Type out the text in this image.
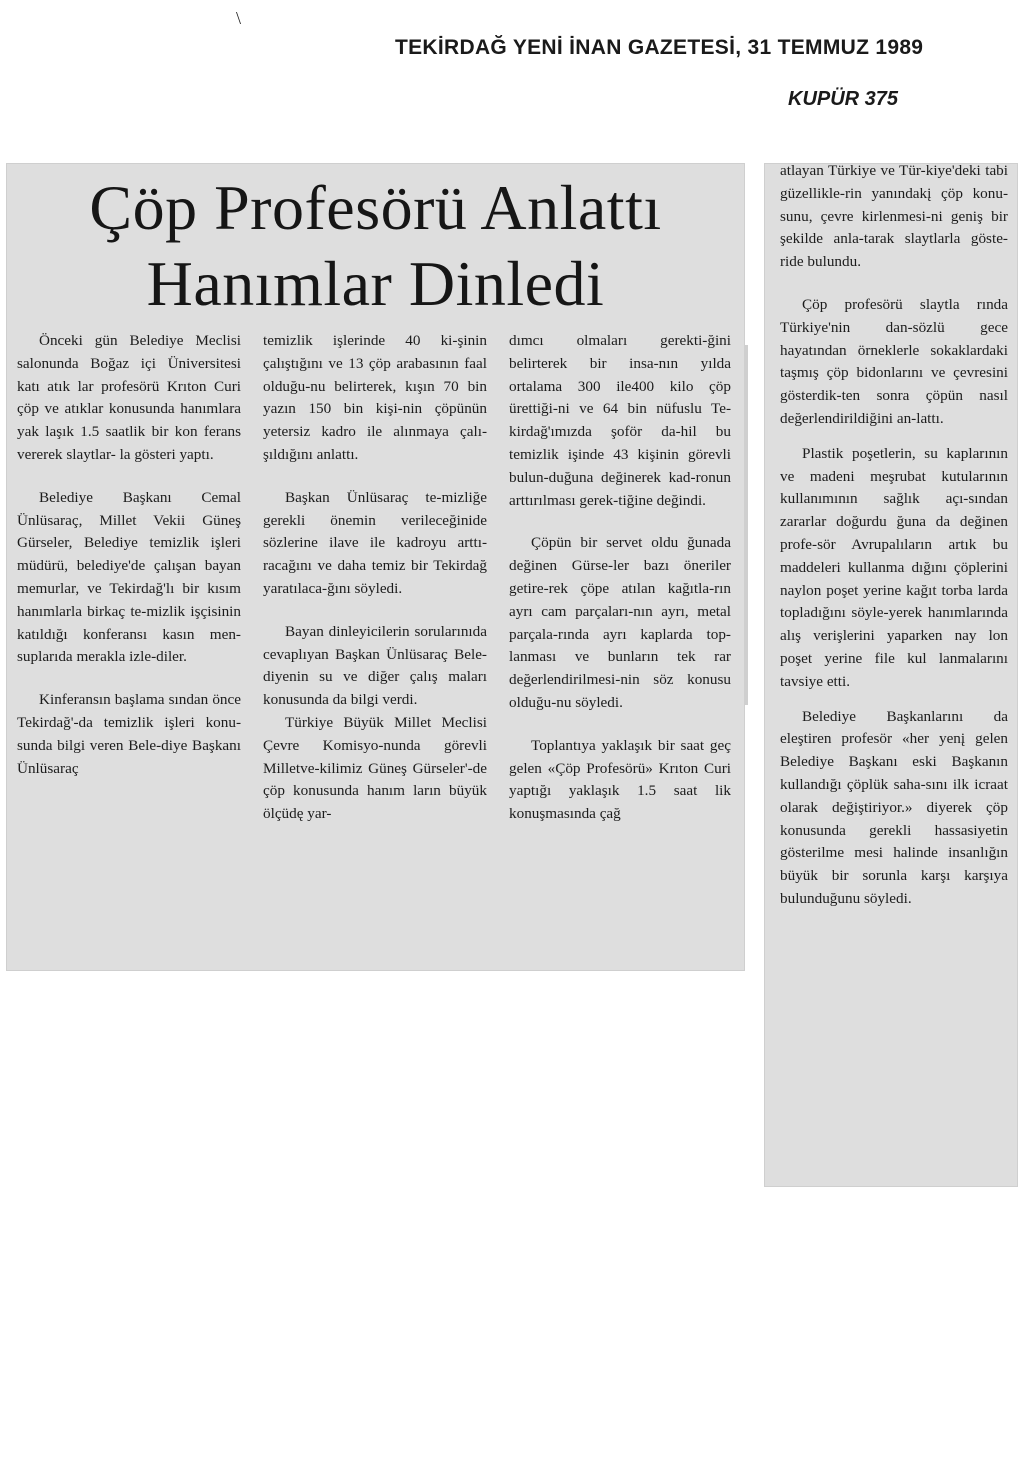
\
TEKİRDAĞ YENİ İNAN GAZETESİ, 31 TEMMUZ 1989
KUPÜR 375
Çöp Profesörü Anlattı
Hanımlar Dinledi

Önceki gün Belediye Meclisi salonunda Boğaz içi Üniversitesi katı atık lar profesörü Krıton Curi çöp ve atıklar konusunda hanımlara yak laşık 1.5 saatlik bir kon ferans vererek slaytlar- la gösteri yaptı.

Belediye Başkanı Cemal Ünlüsaraç, Millet Vekii Güneş Gürseler, Belediye temizlik işleri müdürü, belediye'de çalışan bayan memurlar, ve Tekirdağ'lı bir kısım hanımlarla birkaç te-mizlik işçisinin katıldığı konferansı kasın men-suplarıda merakla izle-diler.

Kinferansın başlama sından önce Tekirdağ'-da temizlik işleri konu-sunda bilgi veren Bele-diye Başkanı Ünlüsaraç

temizlik işlerinde 40 ki-şinin çalıştığını ve 13 çöp arabasının faal olduğu-nu belirterek, kışın 70 bin yazın 150 bin kişi-nin çöpünün yetersiz kadro ile alınmaya çalı-şıldığını anlattı.

Başkan Ünlüsaraç te-mizliğe gerekli önemin verileceğinide sözlerine ilave ile kadroyu arttı-racağını ve daha temiz bir Tekirdağ yaratılaca-ğını söyledi.

Bayan dinleyicilerin sorularınıda cevaplıyan Başkan Ünlüsaraç Bele-diyenin su ve diğer çalış maları konusunda da bilgi verdi.

Türkiye Büyük Millet Meclisi Çevre Komisyo-nunda görevli Milletve-kilimiz Güneş Gürseler'-de çöp konusunda hanım ların büyük ölçüdę yar-

dımcı olmaları gerekti-ğini belirterek bir insa-nın yılda ortalama 300 ile400 kilo çöp ürettiği-ni ve 64 bin nüfuslu Te-kirdağ'ımızda şoför da-hil bu temizlik işinde 43 kişinin görevli bulun-duğuna değinerek kad-ronun arttırılması gerek-tiğine değindi.

Çöpün bir servet oldu ğunada değinen Gürse-ler bazı öneriler getire-rek çöpe atılan kağıtla-rın ayrı cam parçaları-nın ayrı, metal parçala-rında ayrı kaplarda top-lanması ve bunların tek rar değerlendirilmesi-nin söz konusu olduğu-nu söyledi.

Toplantıya yaklaşık bir saat geç gelen «Çöp Profesörü» Krıton Curi yaptığı yaklaşık 1.5 saat lik konuşmasında çağ

atlayan Türkiye ve Tür-kiye'deki tabi güzellikle-rin yanındakį çöp konu-sunu, çevre kirlenmesi-ni geniş bir şekilde anla-tarak slaytlarla göste-ride bulundu.

Çöp profesörü slaytla rında Türkiye'nin dan-sözlü gece hayatından örneklerle sokaklardaki taşmış çöp bidonlarını ve çevresini gösterdik-ten sonra çöpün nasıl değerlendirildiğini an-lattı.

Plastik poşetlerin, su kaplarının ve madeni meşrubat kutularının kullanımının sağlık açı-sından zararlar doğurdu ğuna da değinen profe-sör Avrupalıların artık bu maddeleri kullanma dığını çöplerini naylon poşet yerine kağıt torba larda topladığını söyle-yerek hanımlarında alış verişlerini yaparken nay lon poşet yerine file kul lanmalarını tavsiye etti.

Belediye Başkanlarını da eleştiren profesör «her yenį gelen Belediye Başkanı eski Başkanın kullandığı çöplük saha-sını ilk icraat olarak değiştiriyor.» diyerek çöp konusunda gerekli hassasiyetin gösterilme mesi halinde insanlığın büyük bir sorunla karşı karşıya bulunduğunu söyledi.
